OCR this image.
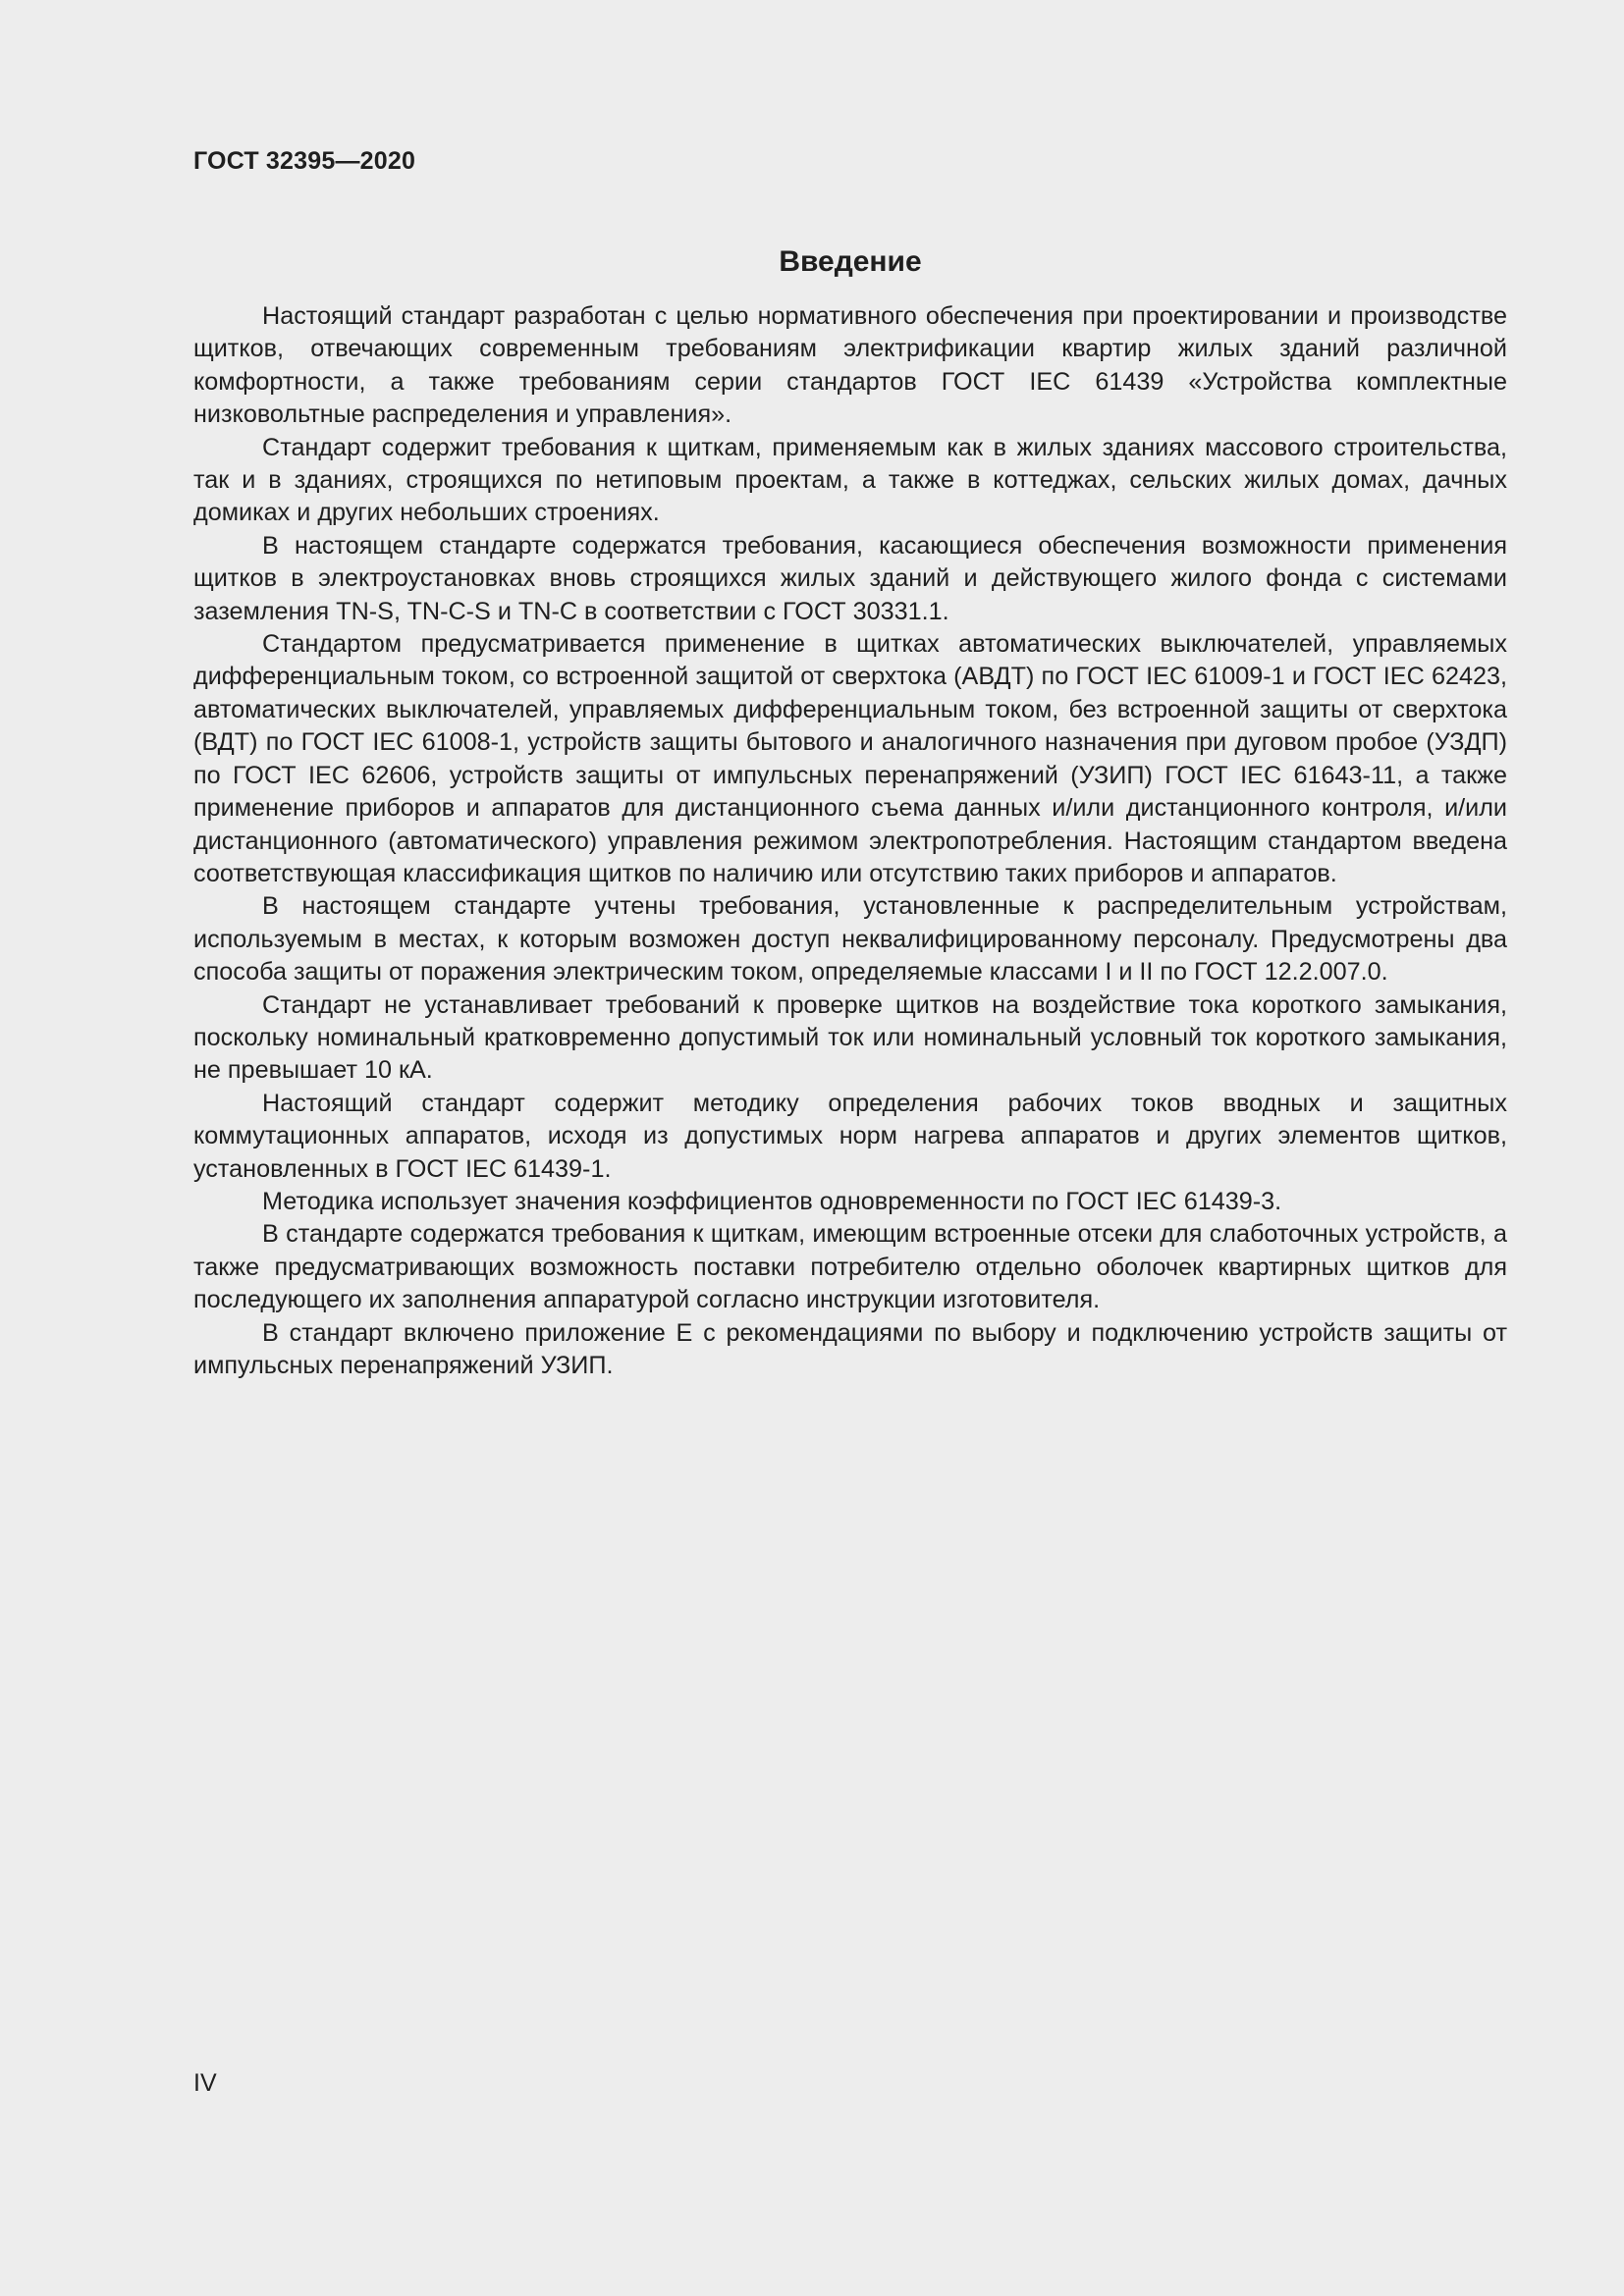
ГОСТ 32395—2020
Введение

Настоящий стандарт разработан с целью нормативного обеспечения при проектировании и производстве щитков, отвечающих современным требованиям электрификации квартир жилых зданий различной комфортности, а также требованиям серии стандартов ГОСТ IEC 61439 «Устройства комплектные низковольтные распределения и управления».

Стандарт содержит требования к щиткам, применяемым как в жилых зданиях массового строительства, так и в зданиях, строящихся по нетиповым проектам, а также в коттеджах, сельских жилых домах, дачных домиках и других небольших строениях.

В настоящем стандарте содержатся требования, касающиеся обеспечения возможности применения щитков в электроустановках вновь строящихся жилых зданий и действующего жилого фонда с системами заземления TN-S, TN-C-S и TN-C в соответствии с ГОСТ 30331.1.

Стандартом предусматривается применение в щитках автоматических выключателей, управляемых дифференциальным током, со встроенной защитой от сверхтока (АВДТ) по ГОСТ IEC 61009-1 и ГОСТ IEC 62423, автоматических выключателей, управляемых дифференциальным током, без встроенной защиты от сверхтока (ВДТ) по ГОСТ IEC 61008-1, устройств защиты бытового и аналогичного назначения при дуговом пробое (УЗДП) по ГОСТ IEC 62606, устройств защиты от импульсных перенапряжений (УЗИП) ГОСТ IEC 61643-11, а также применение приборов и аппаратов для дистанционного съема данных и/или дистанционного контроля, и/или дистанционного (автоматического) управления режимом электропотребления. Настоящим стандартом введена соответствующая классификация щитков по наличию или отсутствию таких приборов и аппаратов.

В настоящем стандарте учтены требования, установленные к распределительным устройствам, используемым в местах, к которым возможен доступ неквалифицированному персоналу. Предусмотрены два способа защиты от поражения электрическим током, определяемые классами I и II по ГОСТ 12.2.007.0.

Стандарт не устанавливает требований к проверке щитков на воздействие тока короткого замыкания, поскольку номинальный кратковременно допустимый ток или номинальный условный ток короткого замыкания, не превышает 10 кА.

Настоящий стандарт содержит методику определения рабочих токов вводных и защитных коммутационных аппаратов, исходя из допустимых норм нагрева аппаратов и других элементов щитков, установленных в ГОСТ IEC 61439-1.

Методика использует значения коэффициентов одновременности по ГОСТ IEC 61439-3.

В стандарте содержатся требования к щиткам, имеющим встроенные отсеки для слаботочных устройств, а также предусматривающих возможность поставки потребителю отдельно оболочек квартирных щитков для последующего их заполнения аппаратурой согласно инструкции изготовителя.

В стандарт включено приложение Е с рекомендациями по выбору и подключению устройств защиты от импульсных перенапряжений УЗИП.

IV
